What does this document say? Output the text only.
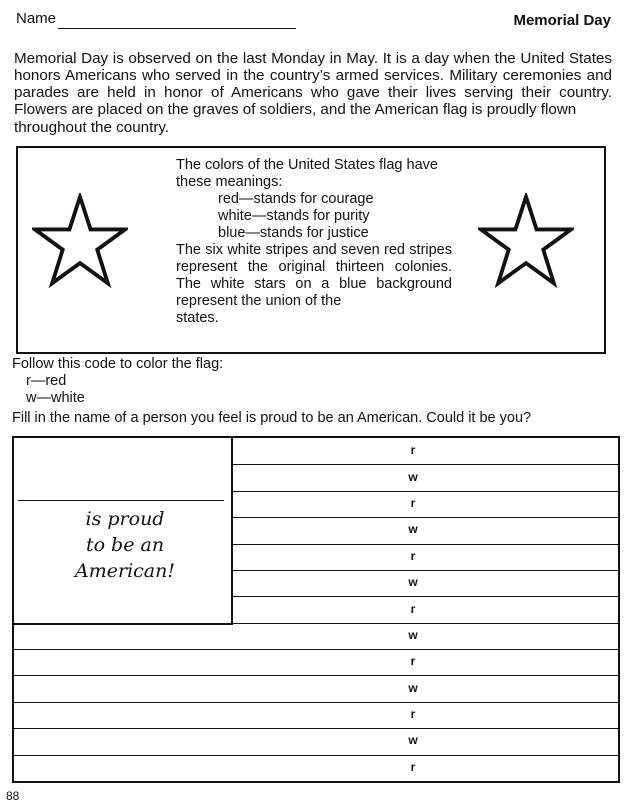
Name	Memorial Day
Memorial Day is observed on the last Monday in May. It is a day when the United States honors Americans who served in the country’s armed services. Military ceremonies and parades are held in honor of Americans who gave their lives serving their country. Flowers are placed on the graves of soldiers, and the American flag is proudly flown
throughout the country.
The colors of the United States flag have
these meanings:
red—stands for courage
white—stands for purity
blue—stands for justice
The six white stripes and seven red stripes represent the original thirteen colonies. The white stars on a blue background represent the union of the
states.
Follow this code to color the flag:
r—red
w—white
Fill in the name of a person you feel is proud to be an American. Could it be you?
is proud
to be an
American!
r
w
r
w
r
w
r
w
r
w
r
w
r
88
